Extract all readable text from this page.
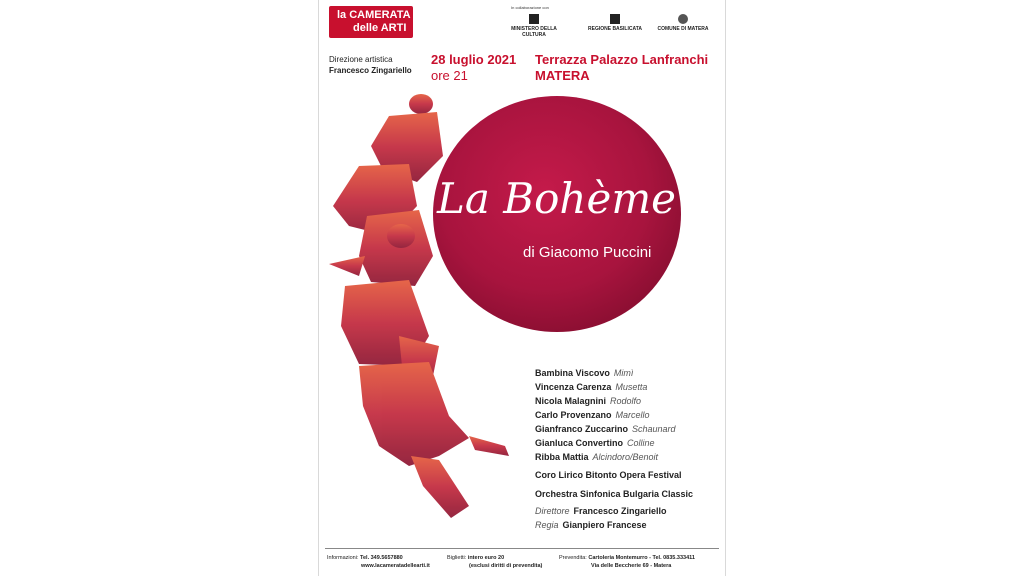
la CAMERATA
delle ARTI
In collaborazione con
MINISTERO DELLA CULTURA
REGIONE BASILICATA	COMUNE DI MATERA
Direzione artistica
Francesco Zingariello
28 luglio 2021
ore 21
Terrazza Palazzo Lanfranchi
MATERA
La Bohème
di Giacomo Puccini
Bambina Viscovo Mimì
Vincenza Carenza Musetta
Nicola Malagnini Rodolfo
Carlo Provenzano Marcello
Gianfranco Zuccarino Schaunard
Gianluca Convertino Colline
Ribba Mattia Alcindoro/Benoit
Coro Lirico Bitonto Opera Festival
Orchestra Sinfonica Bulgaria Classic
Direttore Francesco Zingariello
Regia Gianpiero Francese
Informazioni: Tel. 349.5657880
www.lacameratadellearti.it
Biglietti: intero euro 20
(esclusi diritti di prevendita)
Prevendita: Cartoleria Montemurro - Tel. 0835.333411
Via delle Beccherie 69 - Matera
